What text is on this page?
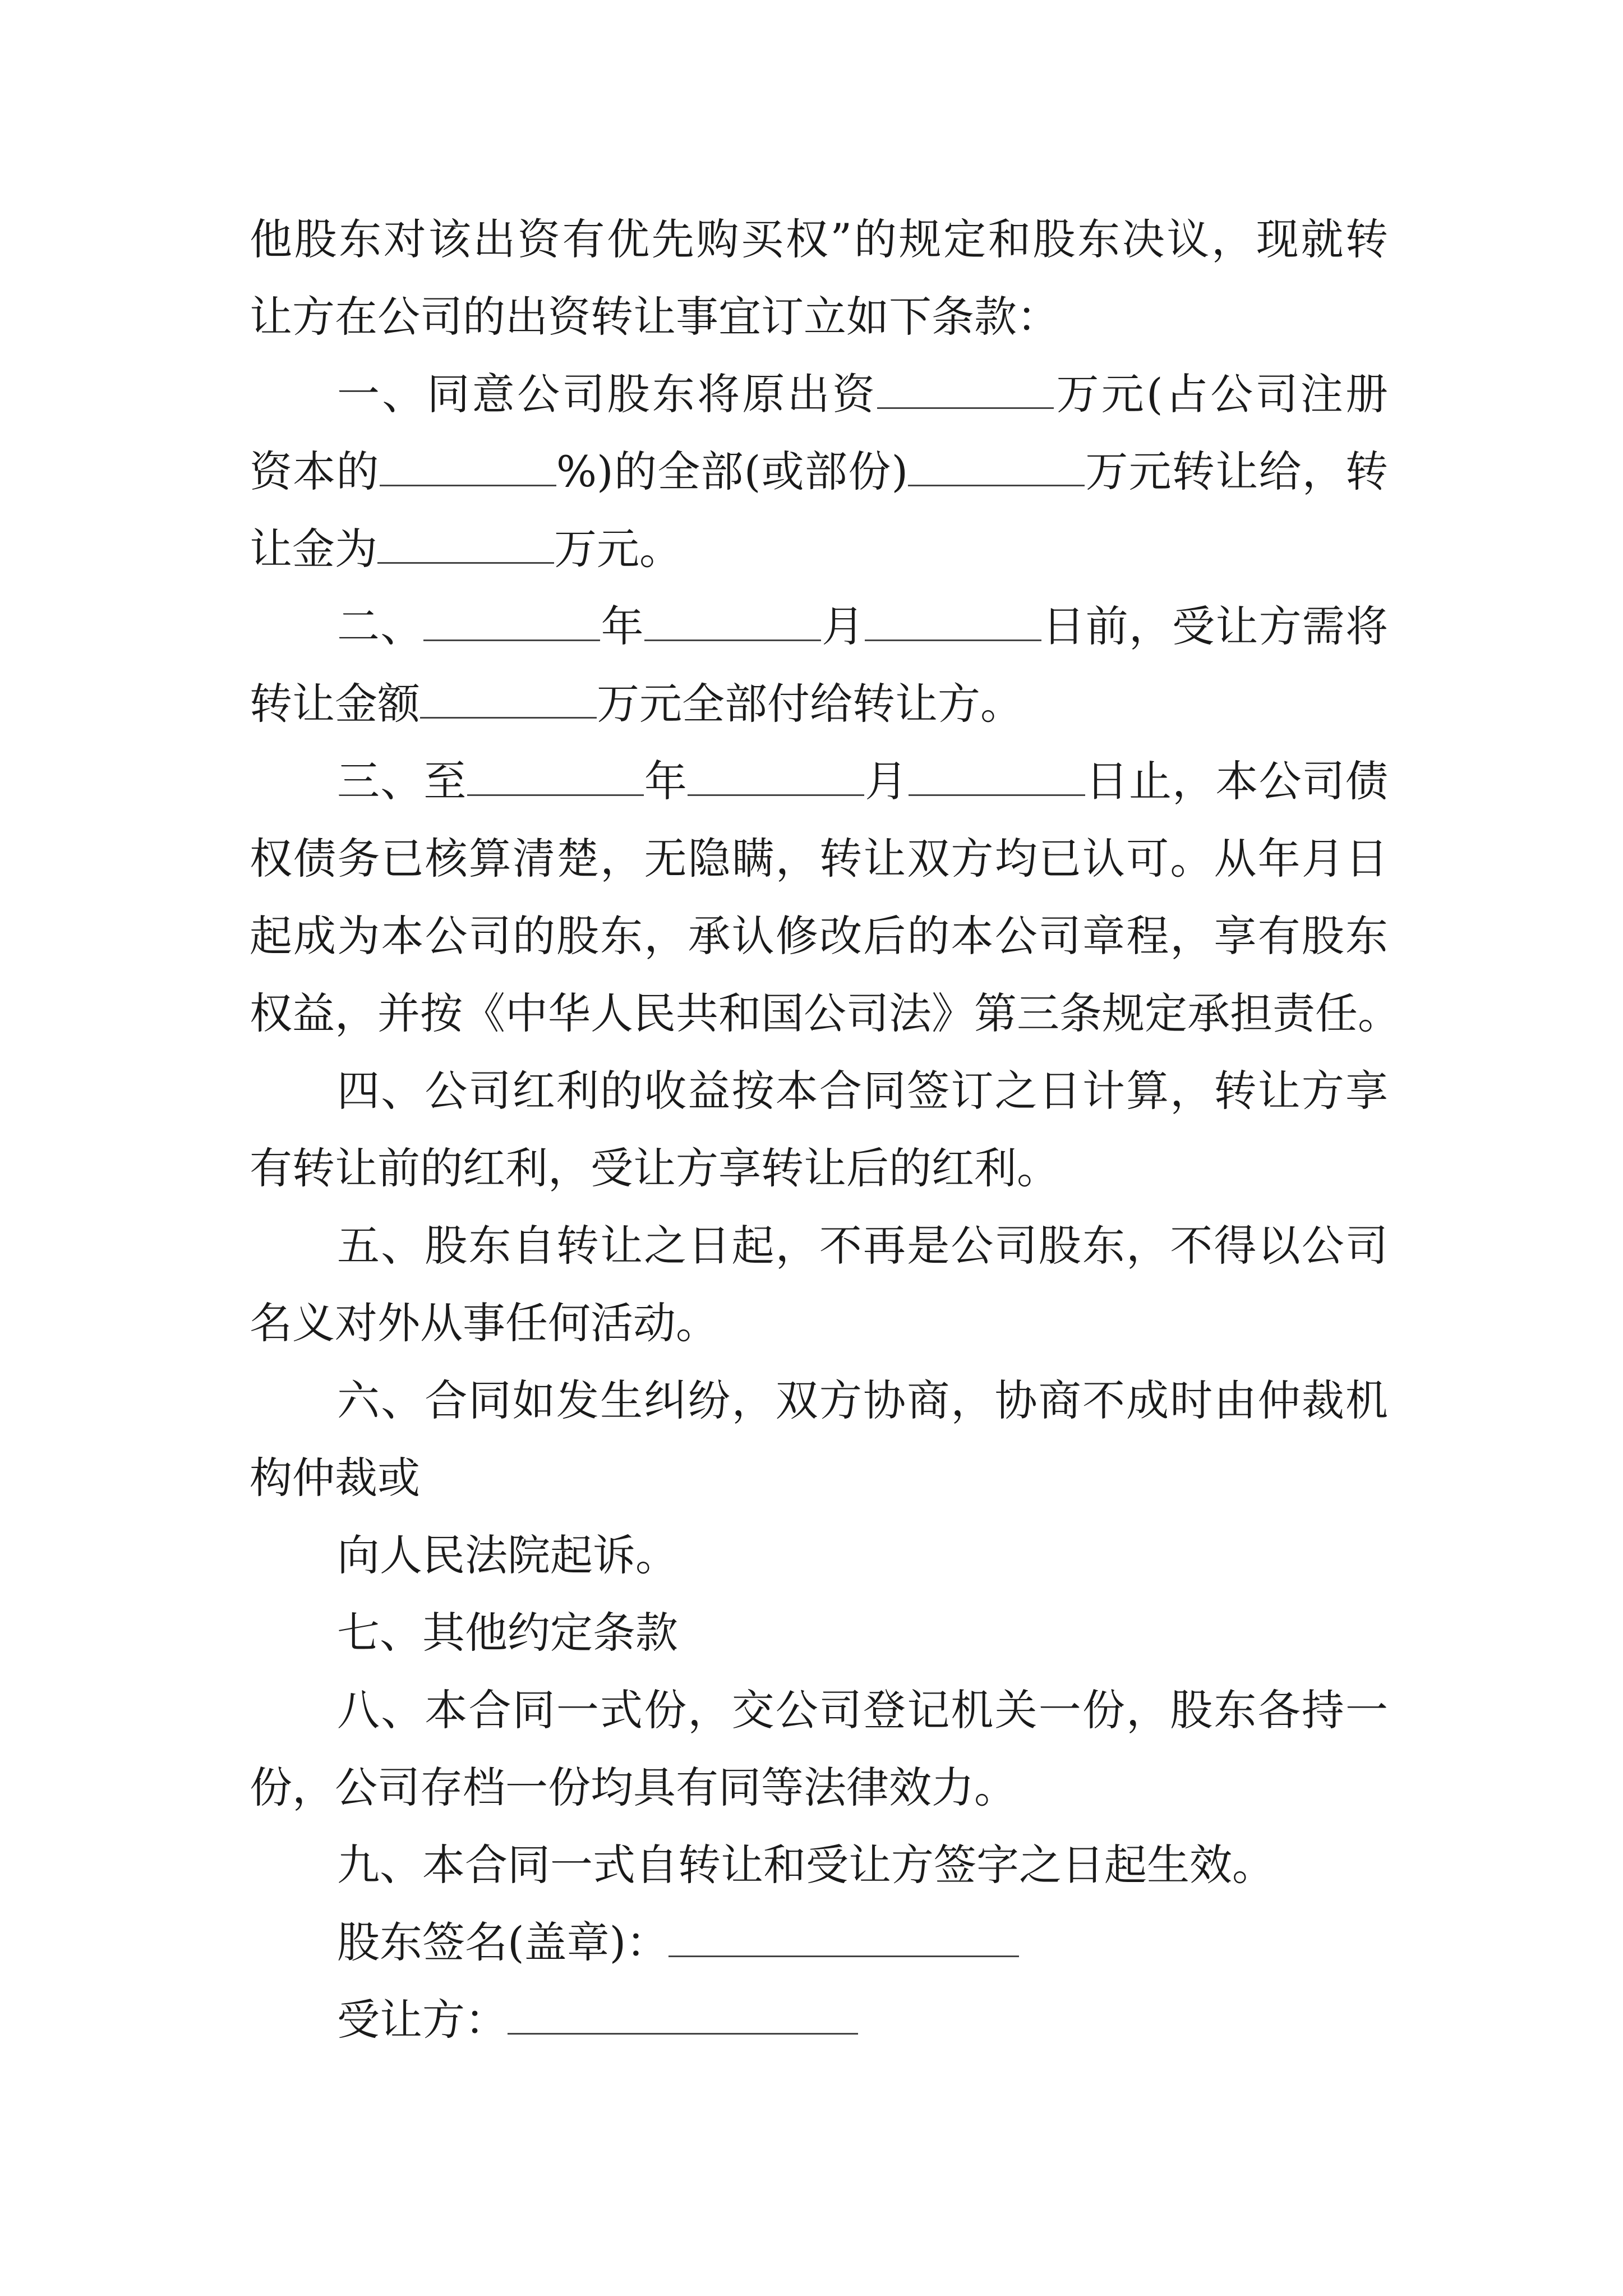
他股东对该出资有优先购买权”的规定和股东决议，现就转
让方在公司的出资转让事宜订立如下条款：
一、同意公司股东将原出资	万元(占公司注册
资本的	%)的全部(或部份)	万元转让给，转
让金为	万元。
二、	年	月	日前，受让方需将
转让金额	万元全部付给转让方。
三、至	年	月	日止，本公司债
权债务已核算清楚，无隐瞒，转让双方均已认可。从年月日
起成为本公司的股东，承认修改后的本公司章程，享有股东
权益，并按《中华人民共和国公司法》第三条规定承担责任。
四、公司红利的收益按本合同签订之日计算，转让方享
有转让前的红利，受让方享转让后的红利。
五、股东自转让之日起，不再是公司股东，不得以公司
名义对外从事任何活动。
六、合同如发生纠纷，双方协商，协商不成时由仲裁机
构仲裁或
向人民法院起诉。
七、其他约定条款
八、本合同一式份，交公司登记机关一份，股东各持一
份，公司存档一份均具有同等法律效力。
九、本合同一式自转让和受让方签字之日起生效。
股东签名(盖章)：
受让方：
